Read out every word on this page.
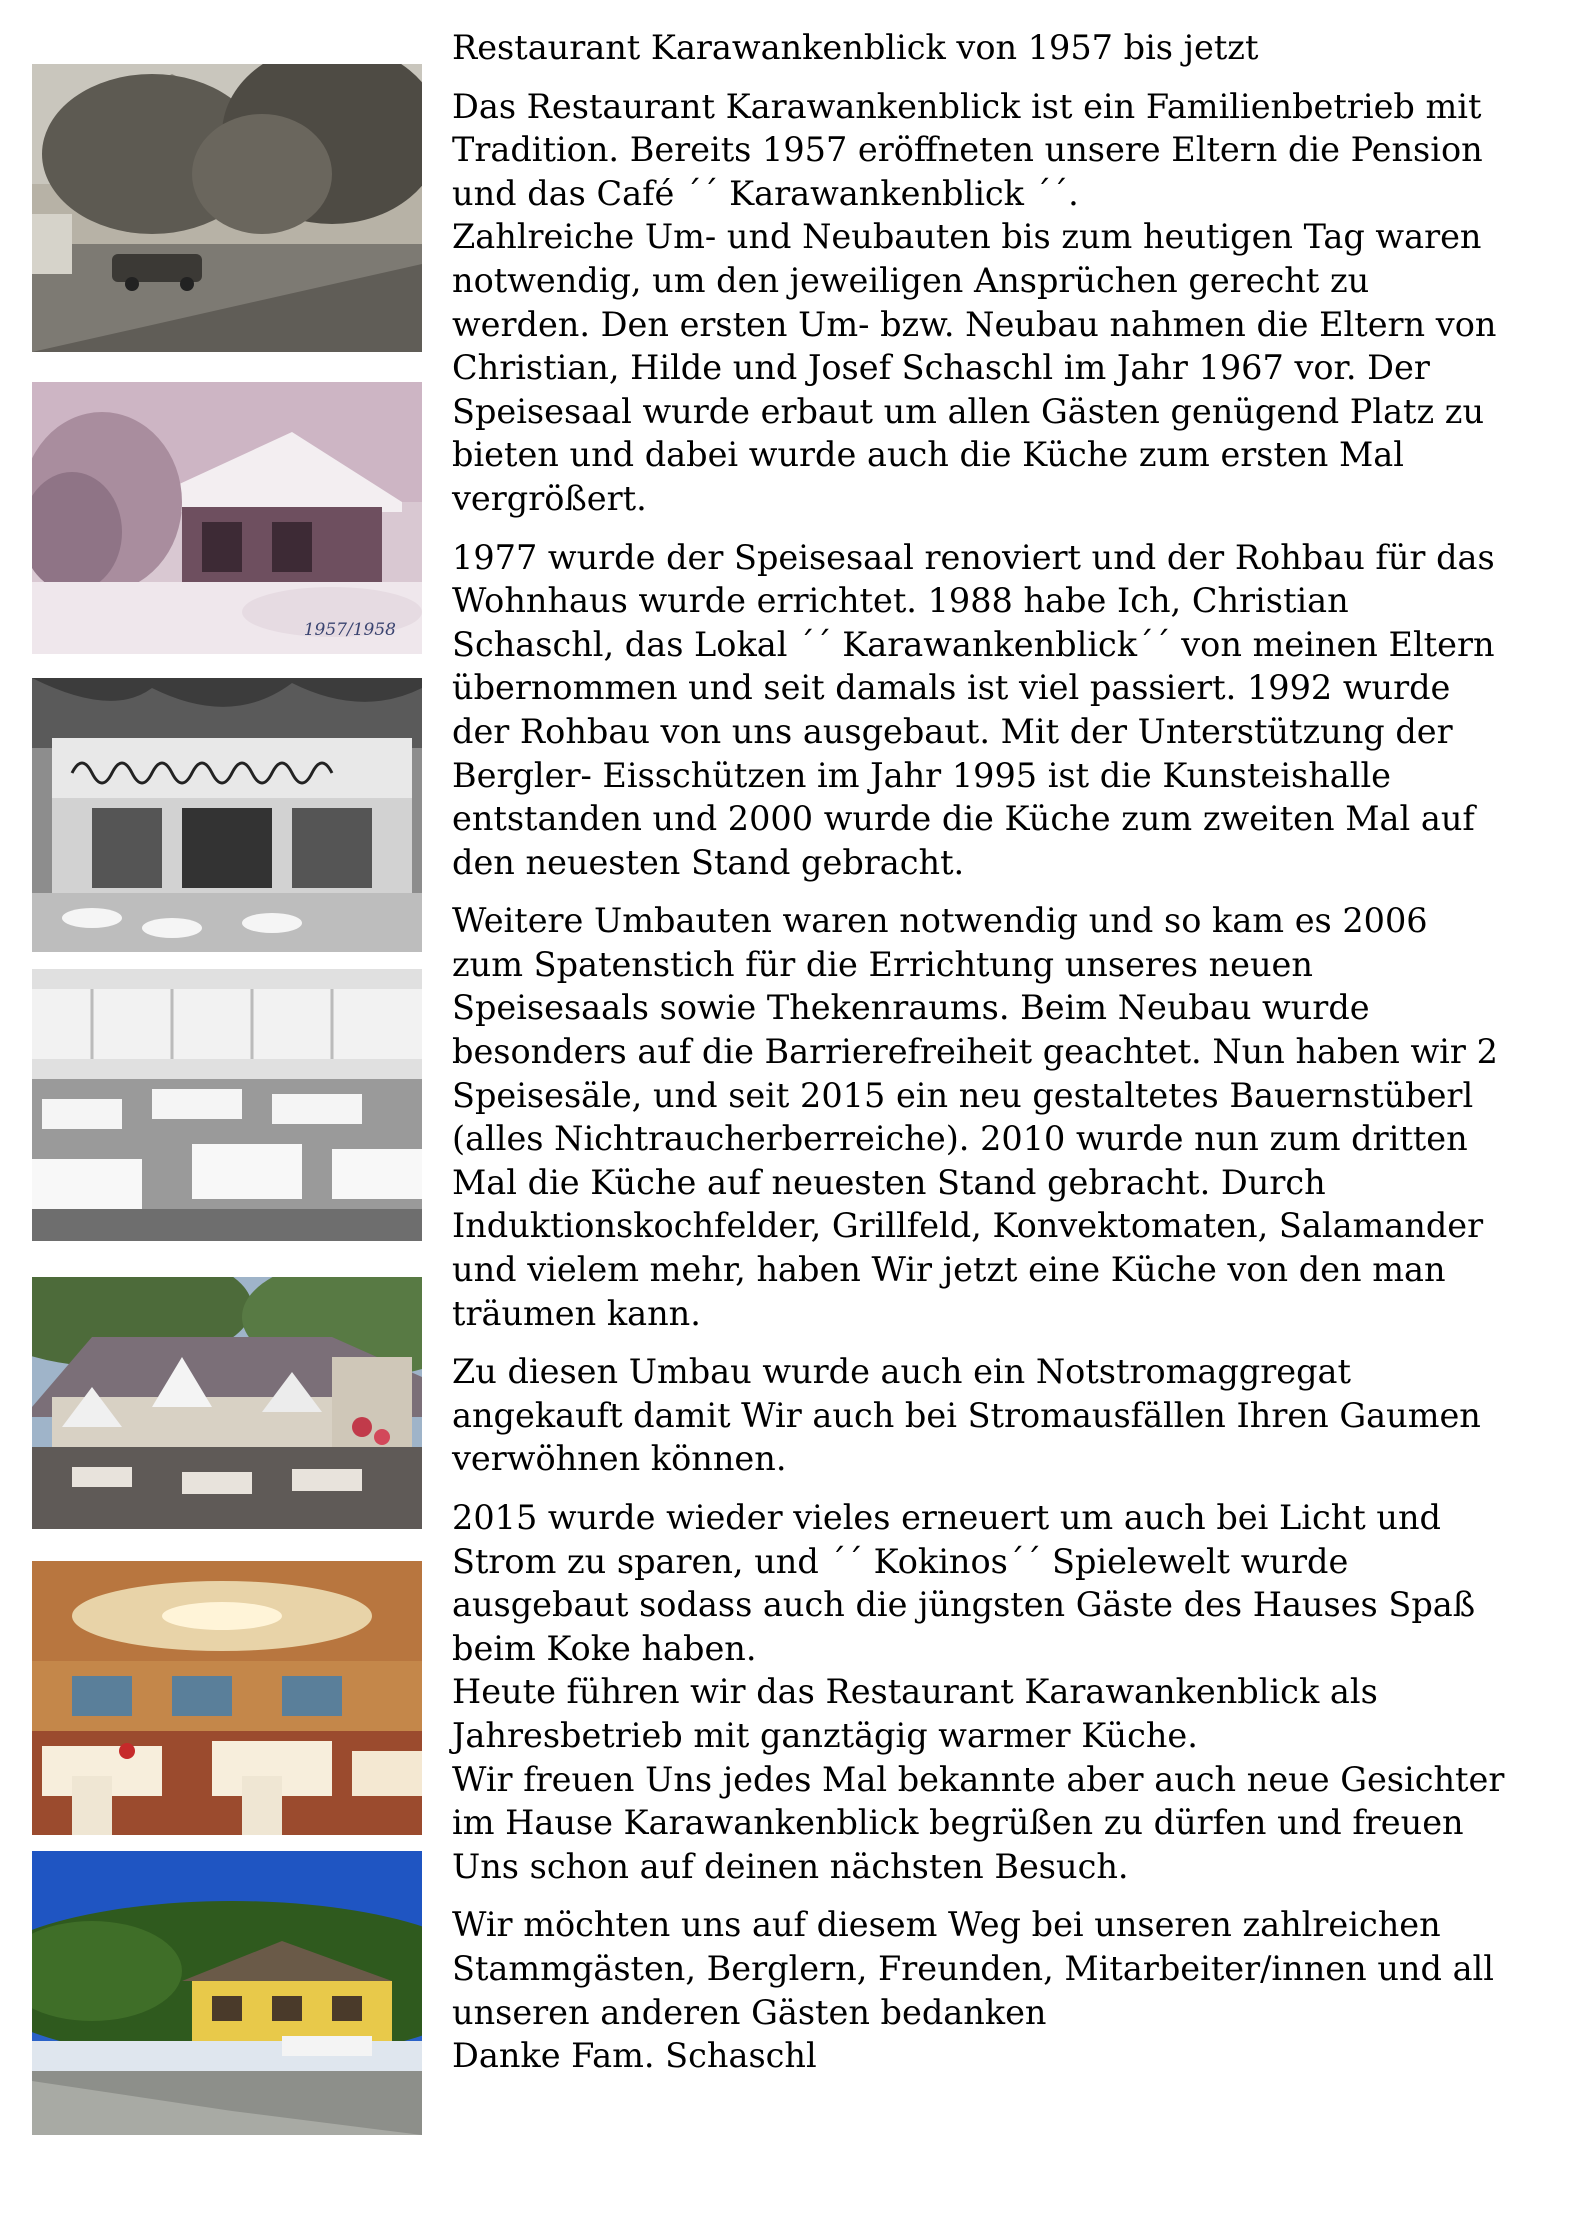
1957/1958

Restaurant Karawankenblick von 1957 bis jetzt

Das Restaurant Karawankenblick ist ein Familienbetrieb mit
Tradition. Bereits 1957 eröffneten unsere Eltern die Pension
und das Café ´´ Karawankenblick ´´.
Zahlreiche Um- und Neubauten bis zum heutigen Tag waren
notwendig, um den jeweiligen Ansprüchen gerecht zu
werden. Den ersten Um- bzw. Neubau nahmen die Eltern von
Christian, Hilde und Josef Schaschl im Jahr 1967 vor. Der
Speisesaal wurde erbaut um allen Gästen genügend Platz zu
bieten und dabei wurde auch die Küche zum ersten Mal
vergrößert.

1977 wurde der Speisesaal renoviert und der Rohbau für das
Wohnhaus wurde errichtet. 1988 habe Ich, Christian
Schaschl, das Lokal ´´ Karawankenblick´´ von meinen Eltern
übernommen und seit damals ist viel passiert. 1992 wurde
der Rohbau von uns ausgebaut. Mit der Unterstützung der
Bergler- Eisschützen im Jahr 1995 ist die Kunsteishalle
entstanden und 2000 wurde die Küche zum zweiten Mal auf
den neuesten Stand gebracht.

Weitere Umbauten waren notwendig und so kam es 2006
zum Spatenstich für die Errichtung unseres neuen
Speisesaals sowie Thekenraums. Beim Neubau wurde
besonders auf die Barrierefreiheit geachtet. Nun haben wir 2
Speisesäle, und seit 2015 ein neu gestaltetes Bauernstüberl
(alles Nichtraucherberreiche). 2010 wurde nun zum dritten
Mal die Küche auf neuesten Stand gebracht. Durch
Induktionskochfelder, Grillfeld, Konvektomaten, Salamander
und vielem mehr, haben Wir jetzt eine Küche von den man
träumen kann.

Zu diesen Umbau wurde auch ein Notstromaggregat
angekauft damit Wir auch bei Stromausfällen Ihren Gaumen
verwöhnen können.

2015 wurde wieder vieles erneuert um auch bei Licht und
Strom zu sparen, und ´´ Kokinos´´ Spielewelt wurde
ausgebaut sodass auch die jüngsten Gäste des Hauses Spaß
beim Koke haben.
Heute führen wir das Restaurant Karawankenblick als
Jahresbetrieb mit ganztägig warmer Küche.
Wir freuen Uns jedes Mal bekannte aber auch neue Gesichter
im Hause Karawankenblick begrüßen zu dürfen und freuen
Uns schon auf deinen nächsten Besuch.

Wir möchten uns auf diesem Weg bei unseren zahlreichen
Stammgästen, Berglern, Freunden, Mitarbeiter/innen und all
unseren anderen Gästen bedanken
Danke Fam. Schaschl
